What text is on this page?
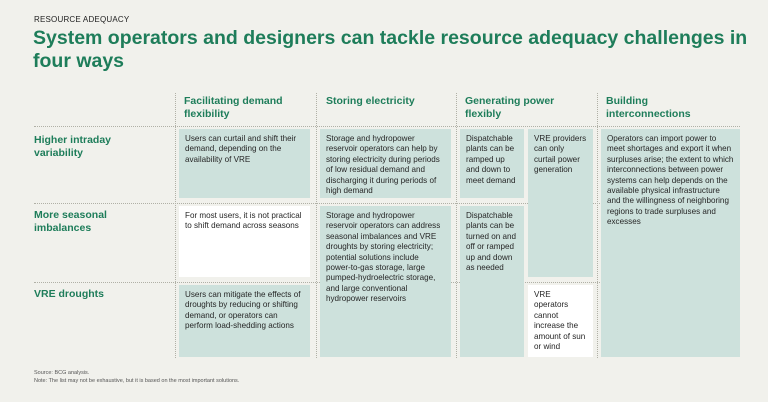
RESOURCE ADEQUACY
System operators and designers can tackle resource adequacy challenges in four ways
Facilitating demand flexibility
Storing electricity	Generating power flexibly
Building interconnections
Higher intraday variability
More seasonal imbalances
VRE droughts
Users can curtail and shift their demand, depending on the availability of VRE
For most users, it is not practical to shift demand across seasons
Users can mitigate the effects of droughts by reducing or shifting demand, or operators can perform load-shedding actions
Storage and hydropower reservoir operators can help by storing electricity during periods of low residual demand and discharging it during periods of high demand
Storage and hydropower reservoir operators can address seasonal imbalances and VRE droughts by storing electricity; potential solutions include power-to-gas storage, large pumped-hydroelectric storage, and large conventional hydropower reservoirs
Dispatchable plants can be ramped up and down to meet demand
Dispatchable plants can be turned on and off or ramped up and down as needed
VRE providers can only curtail power generation
VRE operators cannot increase the amount of sun or wind
Operators can import power to meet shortages and export it when surpluses arise; the extent to which interconnections between power systems can help depends on the available physical infrastructure and the willingness of neighboring regions to trade surpluses and excesses
Source: BCG analysis.
Note: The list may not be exhaustive, but it is based on the most important solutions.
